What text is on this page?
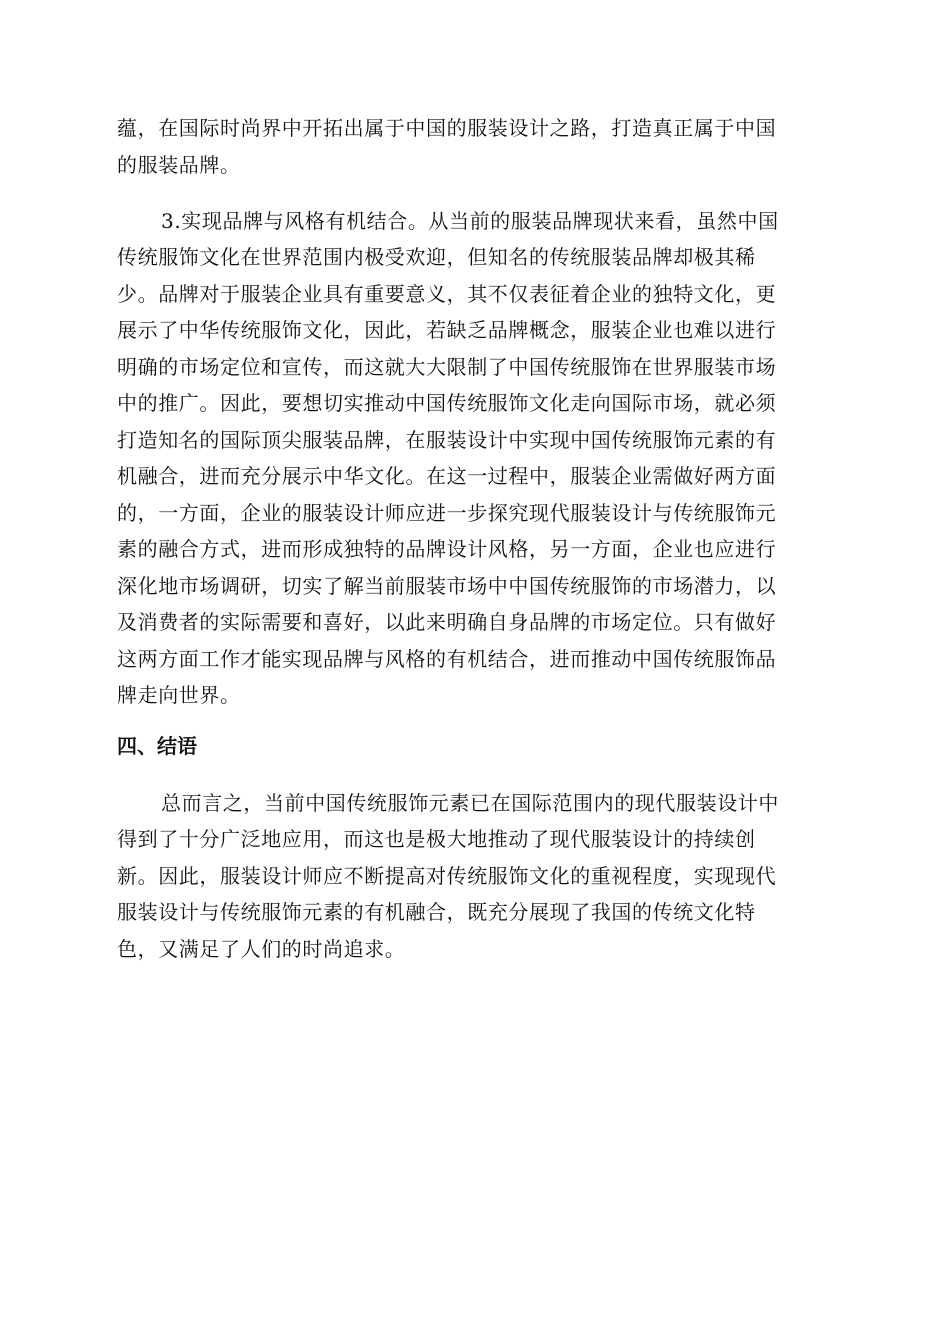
蕴，在国际时尚界中开拓出属于中国的服装设计之路，打造真正属于中国
的服装品牌。
3.实现品牌与风格有机结合。从当前的服装品牌现状来看，虽然中国
传统服饰文化在世界范围内极受欢迎，但知名的传统服装品牌却极其稀
少。品牌对于服装企业具有重要意义，其不仅表征着企业的独特文化，更
展示了中华传统服饰文化，因此，若缺乏品牌概念，服装企业也难以进行
明确的市场定位和宣传，而这就大大限制了中国传统服饰在世界服装市场
中的推广。因此，要想切实推动中国传统服饰文化走向国际市场，就必须
打造知名的国际顶尖服装品牌，在服装设计中实现中国传统服饰元素的有
机融合，进而充分展示中华文化。在这一过程中，服装企业需做好两方面
的，一方面，企业的服装设计师应进一步探究现代服装设计与传统服饰元
素的融合方式，进而形成独特的品牌设计风格，另一方面，企业也应进行
深化地市场调研，切实了解当前服装市场中中国传统服饰的市场潜力，以
及消费者的实际需要和喜好，以此来明确自身品牌的市场定位。只有做好
这两方面工作才能实现品牌与风格的有机结合，进而推动中国传统服饰品
牌走向世界。
四、结语
总而言之，当前中国传统服饰元素已在国际范围内的现代服装设计中
得到了十分广泛地应用，而这也是极大地推动了现代服装设计的持续创
新。因此，服装设计师应不断提高对传统服饰文化的重视程度，实现现代
服装设计与传统服饰元素的有机融合，既充分展现了我国的传统文化特
色，又满足了人们的时尚追求。
